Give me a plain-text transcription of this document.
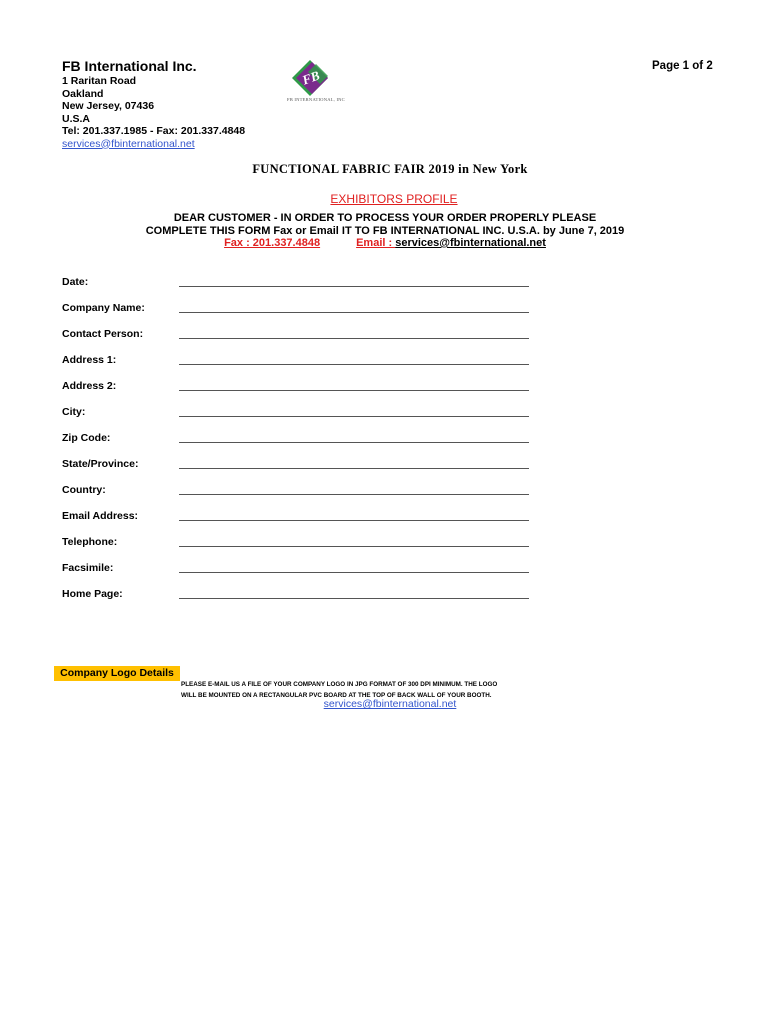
FB International Inc.	Page 1 of 2
1 Raritan Road
Oakland
New Jersey, 07436
U.S.A
Tel: 201.337.1985 - Fax: 201.337.4848
services@fbinternational.net
FB
FB INTERNATIONAL, INC
FUNCTIONAL FABRIC FAIR 2019 in New York
EXHIBITORS PROFILE
DEAR CUSTOMER - IN ORDER TO PROCESS YOUR ORDER PROPERLY PLEASE
COMPLETE THIS FORM Fax or Email IT TO FB INTERNATIONAL INC. U.S.A. by June 7, 2019
Fax : 201.337.4848	Email : services@fbinternational.net
Date:
Company Name:
Contact Person:
Address 1:
Address 2:
City:
Zip Code:
State/Province:
Country:
Email Address:
Telephone:
Facsimile:
Home Page:
Company Logo Details
PLEASE E-MAIL US A FILE OF YOUR COMPANY LOGO IN JPG FORMAT OF 300 DPI MINIMUM. THE LOGO
WILL BE MOUNTED ON A RECTANGULAR PVC BOARD AT THE TOP OF BACK WALL OF YOUR BOOTH.
services@fbinternational.net
